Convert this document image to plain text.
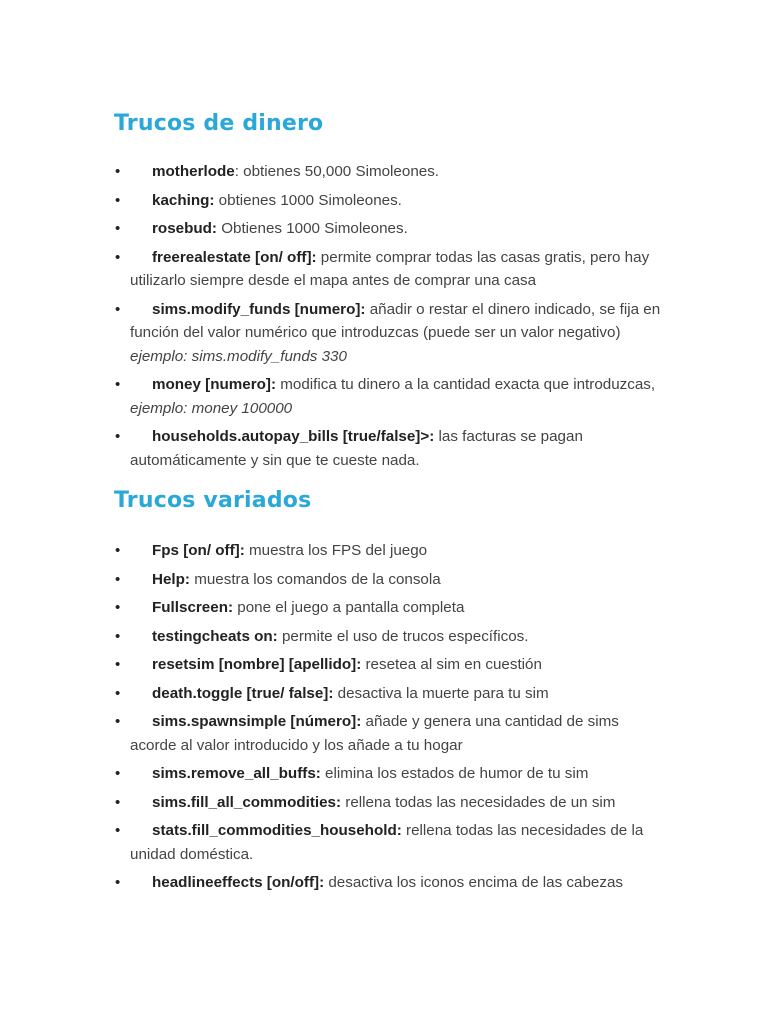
Trucos de dinero
• motherlode: obtienes 50,000 Simoleones.
• kaching: obtienes 1000 Simoleones.
• rosebud: Obtienes 1000 Simoleones.
• freerealestate [on/ off]: permite comprar todas las casas gratis, pero hay utilizarlo siempre desde el mapa antes de comprar una casa
• sims.modify_funds [numero]: añadir o restar el dinero indicado, se fija en función del valor numérico que introduzcas (puede ser un valor negativo) ejemplo: sims.modify_funds 330
• money [numero]: modifica tu dinero a la cantidad exacta que introduzcas, ejemplo: money 100000
• households.autopay_bills [true/false]>: las facturas se pagan automáticamente y sin que te cueste nada.
Trucos variados
• Fps [on/ off]: muestra los FPS del juego
• Help: muestra los comandos de la consola
• Fullscreen: pone el juego a pantalla completa
• testingcheats on: permite el uso de trucos específicos.
• resetsim [nombre] [apellido]: resetea al sim en cuestión
• death.toggle [true/ false]: desactiva la muerte para tu sim
• sims.spawnsimple [número]: añade y genera una cantidad de sims acorde al valor introducido y los añade a tu hogar
• sims.remove_all_buffs: elimina los estados de humor de tu sim
• sims.fill_all_commodities: rellena todas las necesidades de un sim
• stats.fill_commodities_household: rellena todas las necesidades de la unidad doméstica.
• headlineeffects [on/off]: desactiva los iconos encima de las cabezas
